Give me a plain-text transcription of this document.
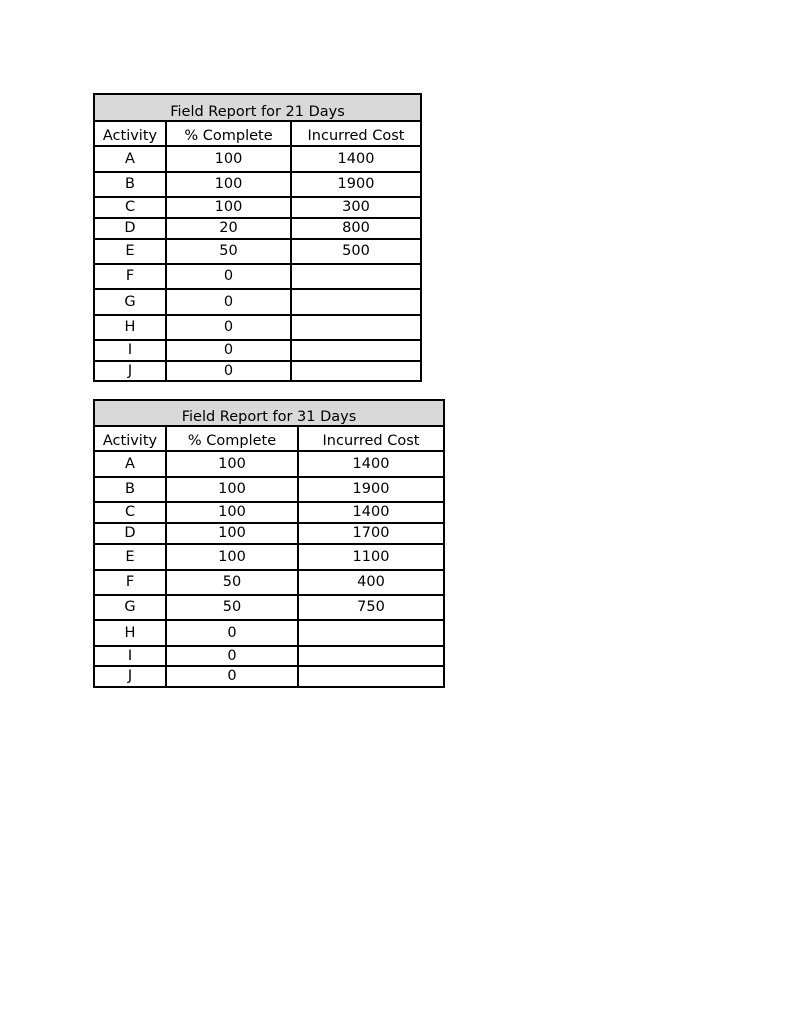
Field Report for 21 Days		
Activity	% Complete	Incurred Cost
A	100	1400
B	100	1900
C	100	300
D	20	800
E	50	500
F	0	
G	0	
H	0	
I	0	
J	0	
Field Report for 31 Days		
Activity	% Complete	Incurred Cost
A	100	1400
B	100	1900
C	100	1400
D	100	1700
E	100	1100
F	50	400
G	50	750
H	0	
I	0	
J	0	
